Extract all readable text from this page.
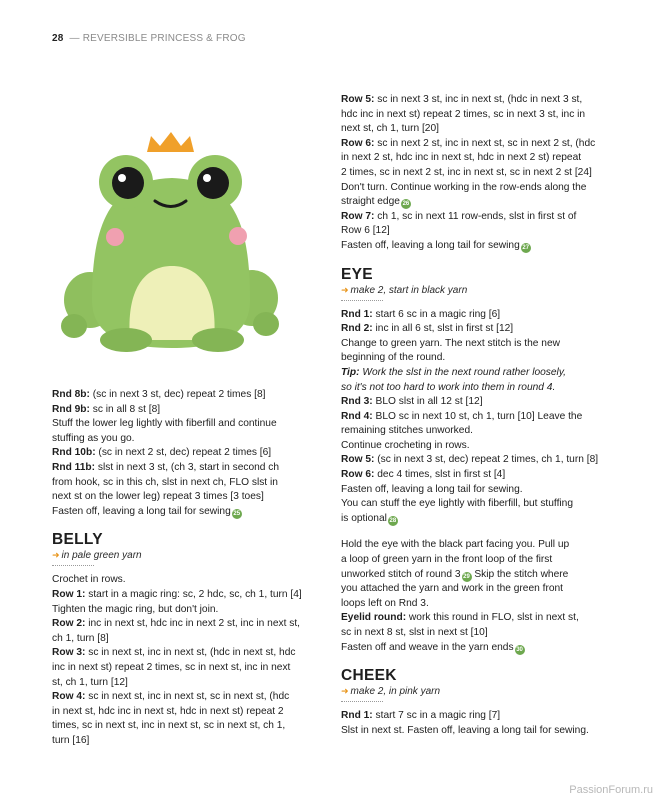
28 — REVERSIBLE PRINCESS & FROG
Rnd 8b: (sc in next 3 st, dec) repeat 2 times [8]
Rnd 9b: sc in all 8 st [8]
Stuff the lower leg lightly with fiberfill and continue
stuffing as you go.
Rnd 10b: (sc in next 2 st, dec) repeat 2 times [6]
Rnd 11b: slst in next 3 st, (ch 3, start in second ch
from hook, sc in this ch, slst in next ch, FLO slst in
next st on the lower leg) repeat 3 times [3 toes]
Fasten off, leaving a long tail for sewing 25
BELLY
➜ in pale green yarn
Crochet in rows.
Row 1: start in a magic ring: sc, 2 hdc, sc, ch 1, turn [4]
Tighten the magic ring, but don't join.
Row 2: inc in next st, hdc inc in next 2 st, inc in next st,
ch 1, turn [8]
Row 3: sc in next st, inc in next st, (hdc in next st, hdc
inc in next st) repeat 2 times, sc in next st, inc in next
st, ch 1, turn [12]
Row 4: sc in next st, inc in next st, sc in next st, (hdc
in next st, hdc inc in next st, hdc in next st) repeat 2
times, sc in next st, inc in next st, sc in next st, ch 1,
turn [16]
Row 5: sc in next 3 st, inc in next st, (hdc in next 3 st,
hdc inc in next st) repeat 2 times, sc in next 3 st, inc in
next st, ch 1, turn [20]
Row 6: sc in next 2 st, inc in next st, sc in next 2 st, (hdc
in next 2 st, hdc inc in next st, hdc in next 2 st) repeat
2 times, sc in next 2 st, inc in next st, sc in next 2 st [24]
Don't turn. Continue working in the row-ends along the
straight edge 26
Row 7: ch 1, sc in next 11 row-ends, slst in first st of
Row 6 [12]
Fasten off, leaving a long tail for sewing 27
EYE
➜ make 2, start in black yarn
Rnd 1: start 6 sc in a magic ring [6]
Rnd 2: inc in all 6 st, slst in first st [12]
Change to green yarn. The next stitch is the new
beginning of the round.
Tip: Work the slst in the next round rather loosely,
so it's not too hard to work into them in round 4.
Rnd 3: BLO slst in all 12 st [12]
Rnd 4: BLO sc in next 10 st, ch 1, turn [10] Leave the
remaining stitches unworked.
Continue crocheting in rows.
Row 5: (sc in next 3 st, dec) repeat 2 times, ch 1, turn [8]
Row 6: dec 4 times, slst in first st [4]
Fasten off, leaving a long tail for sewing.
You can stuff the eye lightly with fiberfill, but stuffing
is optional 28
Hold the eye with the black part facing you. Pull up
a loop of green yarn in the front loop of the first
unworked stitch of round 3 29 Skip the stitch where
you attached the yarn and work in the green front
loops left on Rnd 3.
Eyelid round: work this round in FLO, slst in next st,
sc in next 8 st, slst in next st [10]
Fasten off and weave in the yarn ends 30
CHEEK
➜ make 2, in pink yarn
Rnd 1: start 7 sc in a magic ring [7]
Slst in next st. Fasten off, leaving a long tail for sewing.
PassionForum.ru
